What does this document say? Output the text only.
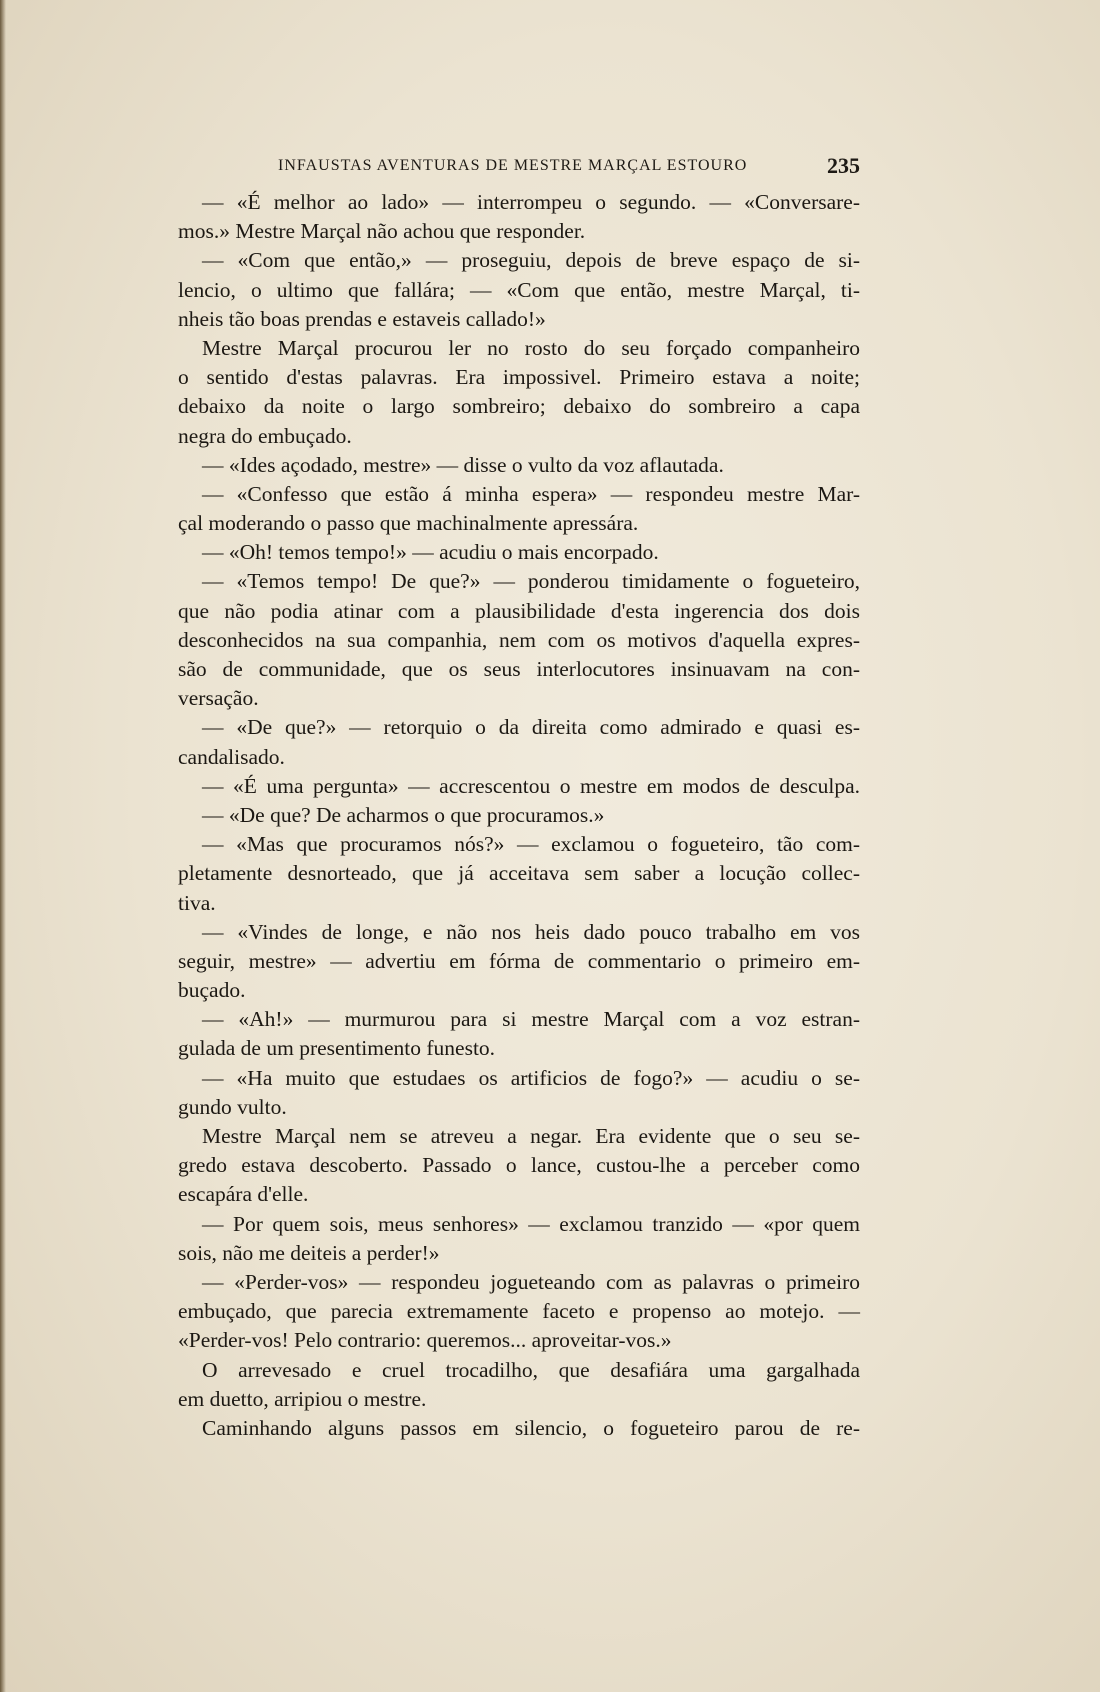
INFAUSTAS AVENTURAS DE MESTRE MARÇAL ESTOURO	235
— «É melhor ao lado» — interrompeu o segundo. — «Conversare-
mos.» Mestre Marçal não achou que responder.
— «Com que então,» — proseguiu, depois de breve espaço de si-
lencio, o ultimo que fallára; — «Com que então, mestre Marçal, ti-
nheis tão boas prendas e estaveis callado!»
Mestre Marçal procurou ler no rosto do seu forçado companheiro
o sentido d'estas palavras. Era impossivel. Primeiro estava a noite;
debaixo da noite o largo sombreiro; debaixo do sombreiro a capa
negra do embuçado.
— «Ides açodado, mestre» — disse o vulto da voz aflautada.
— «Confesso que estão á minha espera» — respondeu mestre Mar-
çal moderando o passo que machinalmente apressára.
— «Oh! temos tempo!» — acudiu o mais encorpado.
— «Temos tempo! De que?» — ponderou timidamente o fogueteiro,
que não podia atinar com a plausibilidade d'esta ingerencia dos dois
desconhecidos na sua companhia, nem com os motivos d'aquella expres-
são de communidade, que os seus interlocutores insinuavam na con-
versação.
— «De que?» — retorquio o da direita como admirado e quasi es-
candalisado.
— «É uma pergunta» — accrescentou o mestre em modos de desculpa.
— «De que? De acharmos o que procuramos.»
— «Mas que procuramos nós?» — exclamou o fogueteiro, tão com-
pletamente desnorteado, que já acceitava sem saber a locução collec-
tiva.
— «Vindes de longe, e não nos heis dado pouco trabalho em vos
seguir, mestre» — advertiu em fórma de commentario o primeiro em-
buçado.
— «Ah!» — murmurou para si mestre Marçal com a voz estran-
gulada de um presentimento funesto.
— «Ha muito que estudaes os artificios de fogo?» — acudiu o se-
gundo vulto.
Mestre Marçal nem se atreveu a negar. Era evidente que o seu se-
gredo estava descoberto. Passado o lance, custou-lhe a perceber como
escapára d'elle.
— Por quem sois, meus senhores» — exclamou tranzido — «por quem
sois, não me deiteis a perder!»
— «Perder-vos» — respondeu jogueteando com as palavras o primeiro
embuçado, que parecia extremamente faceto e propenso ao motejo. —
«Perder-vos! Pelo contrario: queremos... aproveitar-vos.»
O arrevesado e cruel trocadilho, que desafiára uma gargalhada
em duetto, arripiou o mestre.
Caminhando alguns passos em silencio, o fogueteiro parou de re-
